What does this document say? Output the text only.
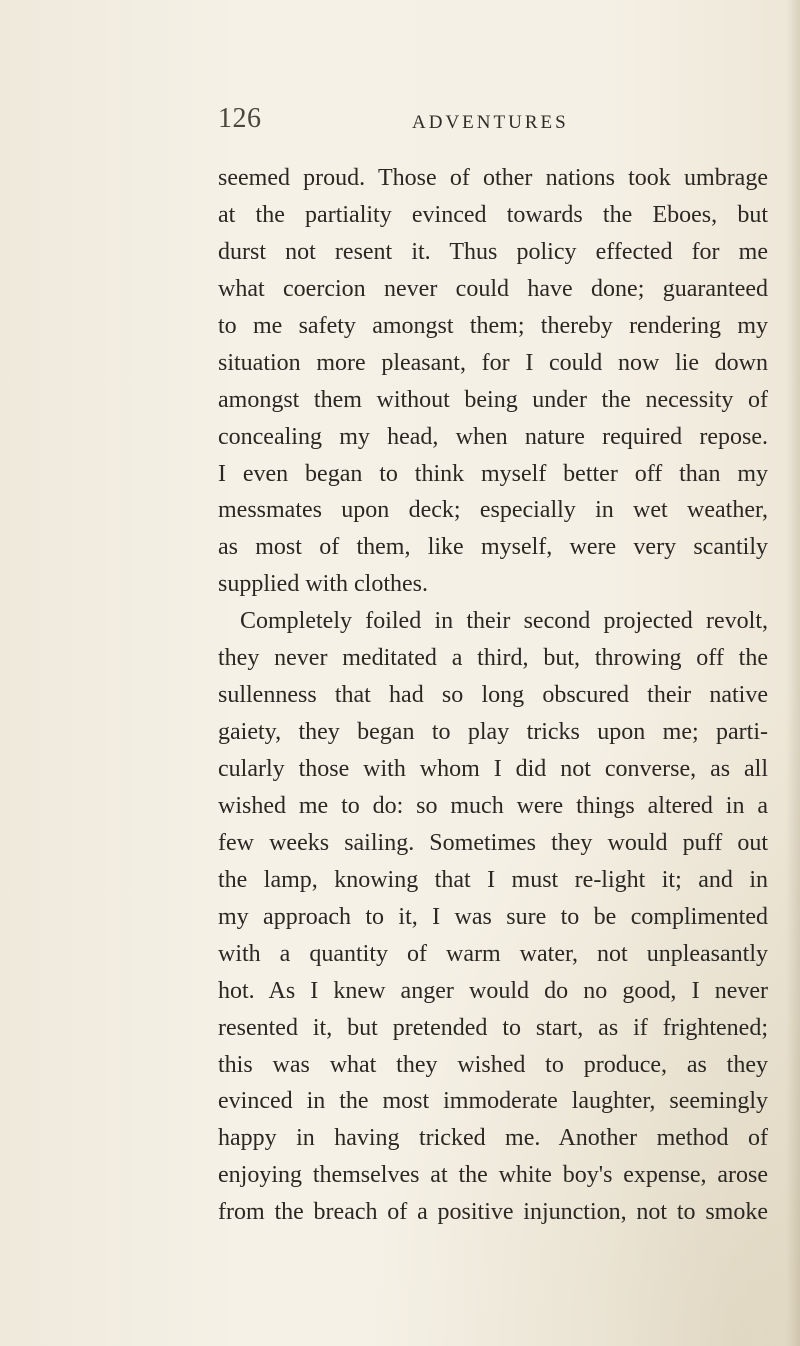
126	ADVENTURES
seemed proud. Those of other nations took umbrage
at the partiality evinced towards the Eboes, but
durst not resent it. Thus policy effected for me
what coercion never could have done; guaranteed
to me safety amongst them; thereby rendering my
situation more pleasant, for I could now lie down
amongst them without being under the necessity of
concealing my head, when nature required repose.
I even began to think myself better off than my
messmates upon deck; especially in wet weather,
as most of them, like myself, were very scantily
supplied with clothes.
Completely foiled in their second projected revolt,
they never meditated a third, but, throwing off the
sullenness that had so long obscured their native
gaiety, they began to play tricks upon me; parti-
cularly those with whom I did not converse, as all
wished me to do: so much were things altered in a
few weeks sailing. Sometimes they would puff out
the lamp, knowing that I must re-light it; and in
my approach to it, I was sure to be complimented
with a quantity of warm water, not unpleasantly
hot. As I knew anger would do no good, I never
resented it, but pretended to start, as if frightened;
this was what they wished to produce, as they
evinced in the most immoderate laughter, seemingly
happy in having tricked me. Another method of
enjoying themselves at the white boy's expense, arose
from the breach of a positive injunction, not to smoke
